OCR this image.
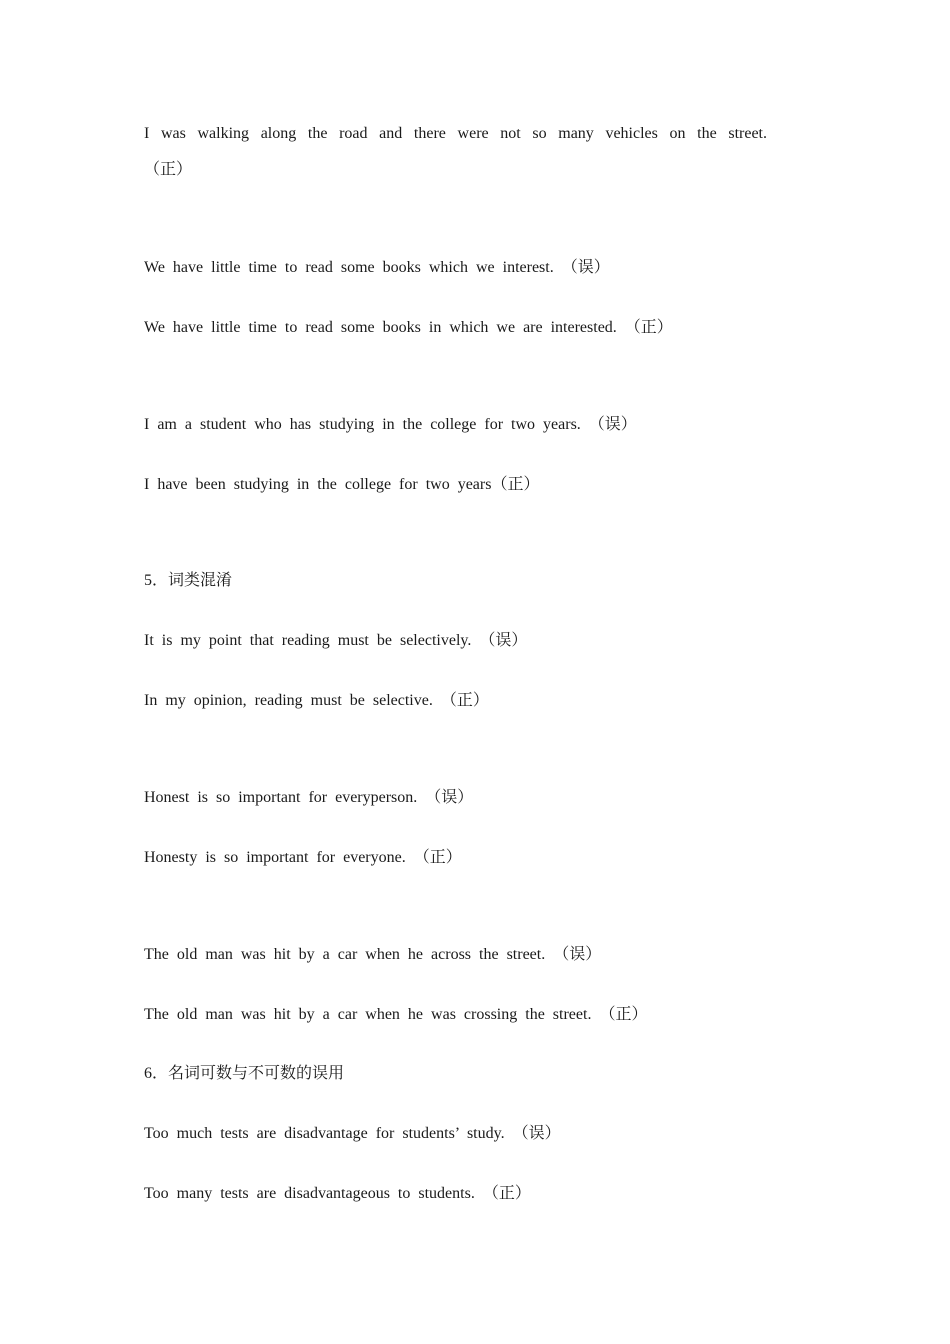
I was walking along the road and there were not so many vehicles on the street.
（正）
We have little time to read some books which we interest. （误）
We have little time to read some books in which we are interested. （正）
I am a student who has studying in the college for two years. （误）
I have been studying in the college for two years（正）
5．词类混淆
It is my point that reading must be selectively. （误）
In my opinion, reading must be selective. （正）
Honest is so important for everyperson. （误）
Honesty is so important for everyone. （正）
The old man was hit by a car when he across the street. （误）
The old man was hit by a car when he was crossing the street. （正）
6．名词可数与不可数的误用
Too much tests are disadvantage for students’ study. （误）
Too many tests are disadvantageous to students. （正）
